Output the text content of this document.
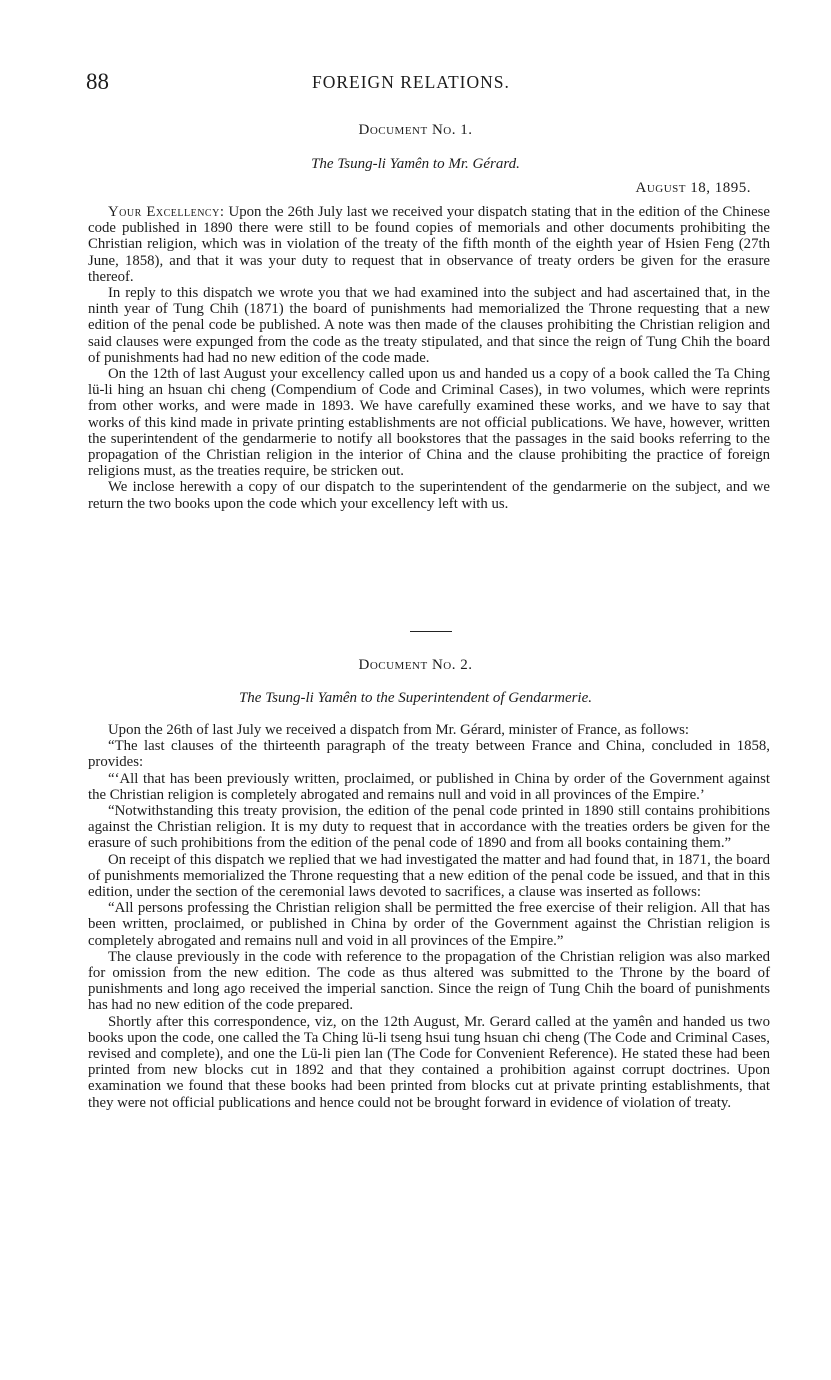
88	FOREIGN RELATIONS.
Document No. 1.
The Tsung-li Yamên to Mr. Gérard.
August 18, 1895.

Your Excellency: Upon the 26th July last we received your dispatch stating that in the edition of the Chinese code published in 1890 there were still to be found copies of memorials and other documents prohibiting the Christian religion, which was in violation of the treaty of the fifth month of the eighth year of Hsien Feng (27th June, 1858), and that it was your duty to request that in observance of treaty orders be given for the erasure thereof.

In reply to this dispatch we wrote you that we had examined into the subject and had ascertained that, in the ninth year of Tung Chih (1871) the board of punishments had memorialized the Throne requesting that a new edition of the penal code be published. A note was then made of the clauses prohibiting the Christian religion and said clauses were expunged from the code as the treaty stipulated, and that since the reign of Tung Chih the board of punishments had had no new edition of the code made.

On the 12th of last August your excellency called upon us and handed us a copy of a book called the Ta Ching lü-li hing an hsuan chi cheng (Compendium of Code and Criminal Cases), in two volumes, which were reprints from other works, and were made in 1893. We have carefully examined these works, and we have to say that works of this kind made in private printing establishments are not official publications. We have, however, written the superintendent of the gendarmerie to notify all bookstores that the passages in the said books referring to the propagation of the Christian religion in the interior of China and the clause prohibiting the practice of foreign religions must, as the treaties require, be stricken out.

We inclose herewith a copy of our dispatch to the superintendent of the gendarmerie on the subject, and we return the two books upon the code which your excellency left with us.

Document No. 2.
The Tsung-li Yamên to the Superintendent of Gendarmerie.

Upon the 26th of last July we received a dispatch from Mr. Gérard, minister of France, as follows:

“The last clauses of the thirteenth paragraph of the treaty between France and China, concluded in 1858, provides:

“‘All that has been previously written, proclaimed, or published in China by order of the Government against the Christian religion is completely abrogated and remains null and void in all provinces of the Empire.’

“Notwithstanding this treaty provision, the edition of the penal code printed in 1890 still contains prohibitions against the Christian religion. It is my duty to request that in accordance with the treaties orders be given for the erasure of such prohibitions from the edition of the penal code of 1890 and from all books containing them.”

On receipt of this dispatch we replied that we had investigated the matter and had found that, in 1871, the board of punishments memorialized the Throne requesting that a new edition of the penal code be issued, and that in this edition, under the section of the ceremonial laws devoted to sacrifices, a clause was inserted as follows:

“All persons professing the Christian religion shall be permitted the free exercise of their religion. All that has been written, proclaimed, or published in China by order of the Government against the Christian religion is completely abrogated and remains null and void in all provinces of the Empire.”

The clause previously in the code with reference to the propagation of the Christian religion was also marked for omission from the new edition. The code as thus altered was submitted to the Throne by the board of punishments and long ago received the imperial sanction. Since the reign of Tung Chih the board of punishments has had no new edition of the code prepared.

Shortly after this correspondence, viz, on the 12th August, Mr. Gerard called at the yamên and handed us two books upon the code, one called the Ta Ching lü-li tseng hsui tung hsuan chi cheng (The Code and Criminal Cases, revised and complete), and one the Lü-li pien lan (The Code for Convenient Reference). He stated these had been printed from new blocks cut in 1892 and that they contained a prohibition against corrupt doctrines. Upon examination we found that these books had been printed from blocks cut at private printing establishments, that they were not official publications and hence could not be brought forward in evidence of violation of treaty.
